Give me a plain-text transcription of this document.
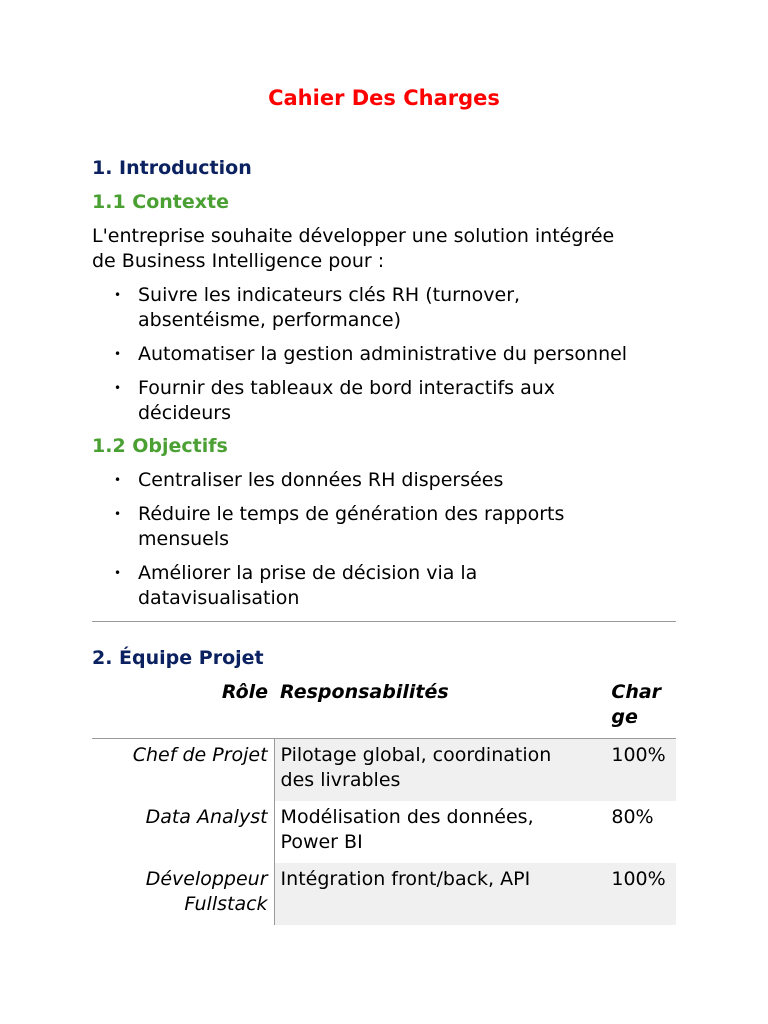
Cahier Des Charges
1. Introduction
1.1 Contexte
L'entreprise souhaite développer une solution intégrée
de Business Intelligence pour :
• Suivre les indicateurs clés RH (turnover,
absentéisme, performance)
• Automatiser la gestion administrative du personnel
• Fournir des tableaux de bord interactifs aux
décideurs
1.2 Objectifs
• Centraliser les données RH dispersées
• Réduire le temps de génération des rapports
mensuels
• Améliorer la prise de décision via la
datavisualisation
2. Équipe Projet
Rôle	Responsabilités	Char
ge

Chef de Projet	Pilotage global, coordination
des livrables	100%

Data Analyst	Modélisation des données,
Power BI	80%

Développeur
Fullstack	Intégration front/back, API	100%
